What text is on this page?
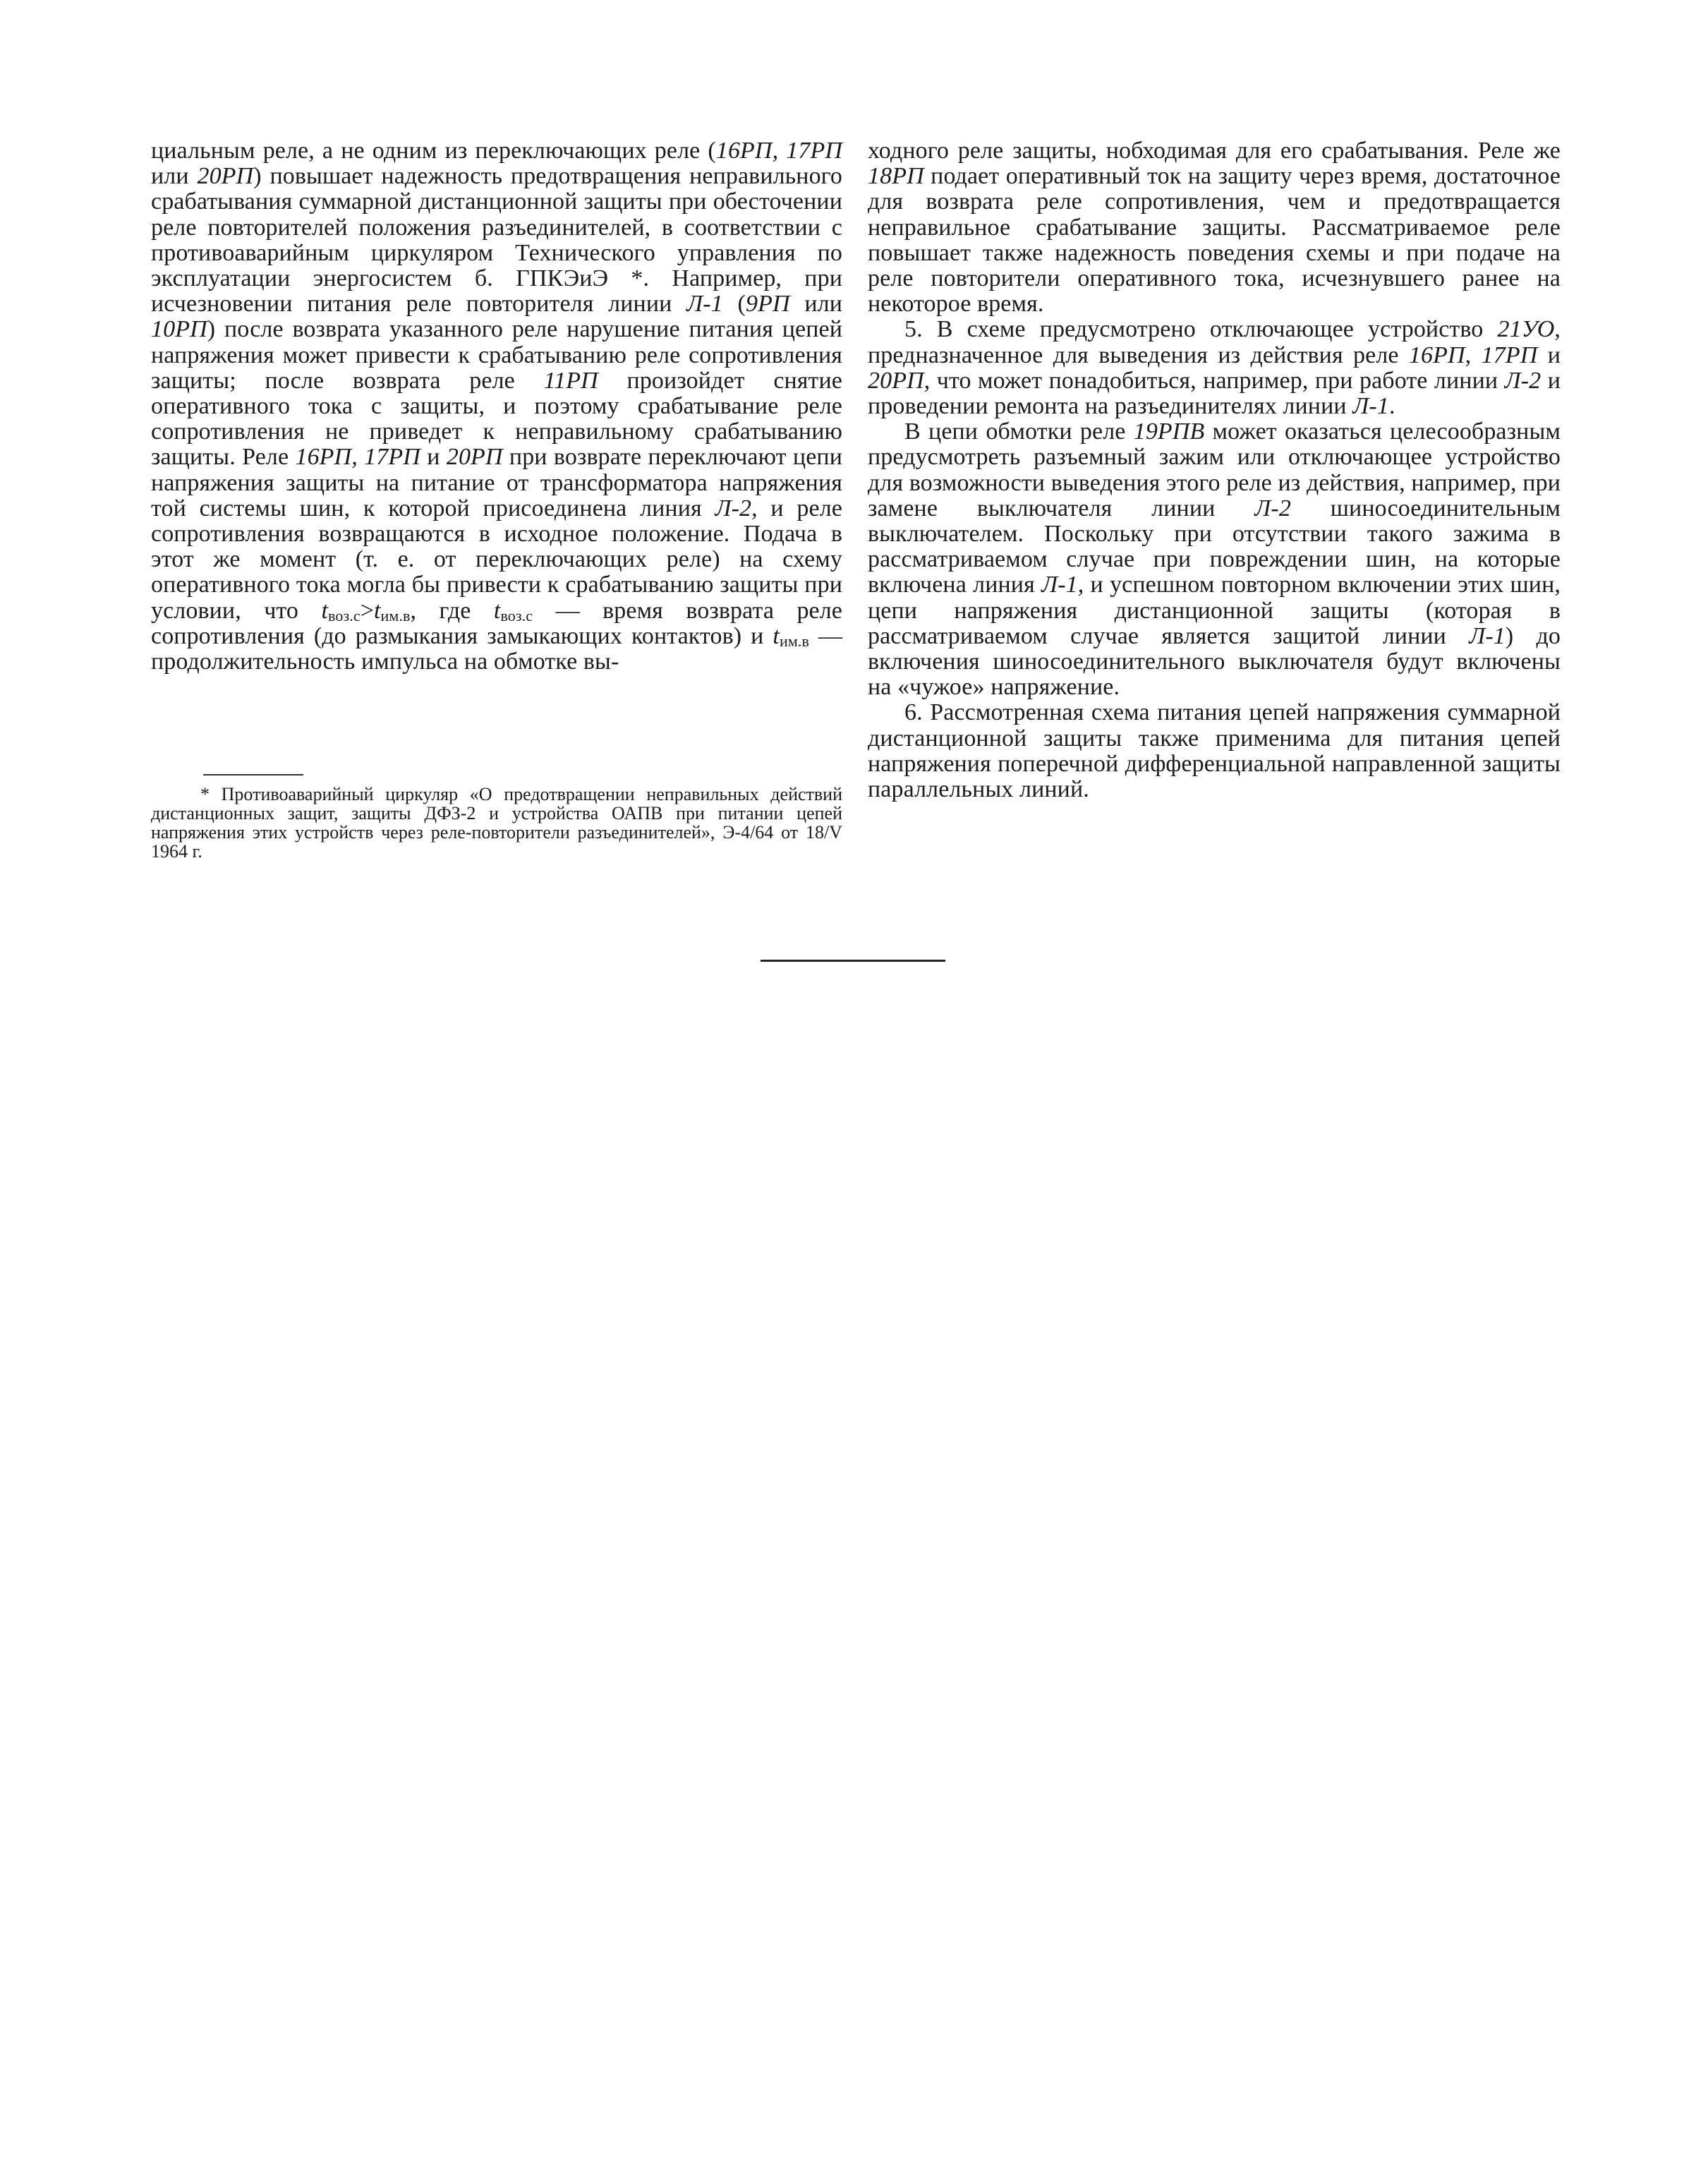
циальным реле, а не одним из переключающих реле (16РП, 17РП или 20РП) повышает надежность предотвращения неправильного срабатывания суммарной дистанционной защиты при обесточении реле повторителей положения разъединителей, в соответствии с противоаварийным циркуляром Технического управления по эксплуатации энергосистем б. ГПКЭиЭ *. Например, при исчезновении питания реле повторителя линии Л-1 (9РП или 10РП) после возврата указанного реле нарушение питания цепей напряжения может привести к срабатыванию реле сопротивления защиты; после возврата реле 11РП произойдет снятие оперативного тока с защиты, и поэтому срабатывание реле сопротивления не приведет к неправильному срабатыванию защиты. Реле 16РП, 17РП и 20РП при возврате переключают цепи напряжения защиты на питание от трансформатора напряжения той системы шин, к которой присоединена линия Л-2, и реле сопротивления возвращаются в исходное положение. Подача в этот же момент (т. е. от переключающих реле) на схему оперативного тока могла бы привести к срабатыванию защиты при условии, что $t_{воз.с}>t_{им.в}$, где $t_{воз.с}$ — время возврата реле сопротивления (до размыкания замыкающих контактов) и $t_{им.в}$ — продолжительность импульса на обмотке вы-

* Противоаварийный циркуляр «О предотвращении неправильных действий дистанционных защит, защиты ДФЗ-2 и устройства ОАПВ при питании цепей напряжения этих устройств через реле-повторители разъединителей», Э-4/64 от 18/V 1964 г.

ходного реле защиты, нобходимая для его срабатывания. Реле же 18РП подает оперативный ток на защиту через время, достаточное для возврата реле сопротивления, чем и предотвращается неправильное срабатывание защиты. Рассматриваемое реле повышает также надежность поведения схемы и при подаче на реле повторители оперативного тока, исчезнувшего ранее на некоторое время.

5. В схеме предусмотрено отключающее устройство 21УО, предназначенное для выведения из действия реле 16РП, 17РП и 20РП, что может понадобиться, например, при работе линии Л-2 и проведении ремонта на разъединителях линии Л-1.

В цепи обмотки реле 19РПВ может оказаться целесообразным предусмотреть разъемный зажим или отключающее устройство для возможности выведения этого реле из действия, например, при замене выключателя линии Л-2 шиносоединительным выключателем. Поскольку при отсутствии такого зажима в рассматриваемом случае при повреждении шин, на которые включена линия Л-1, и успешном повторном включении этих шин, цепи напряжения дистанционной защиты (которая в рассматриваемом случае является защитой линии Л-1) до включения шиносоединительного выключателя будут включены на «чужое» напряжение.

6. Рассмотренная схема питания цепей напряжения суммарной дистанционной защиты также применима для питания цепей напряжения поперечной дифференциальной направленной защиты параллельных линий.
